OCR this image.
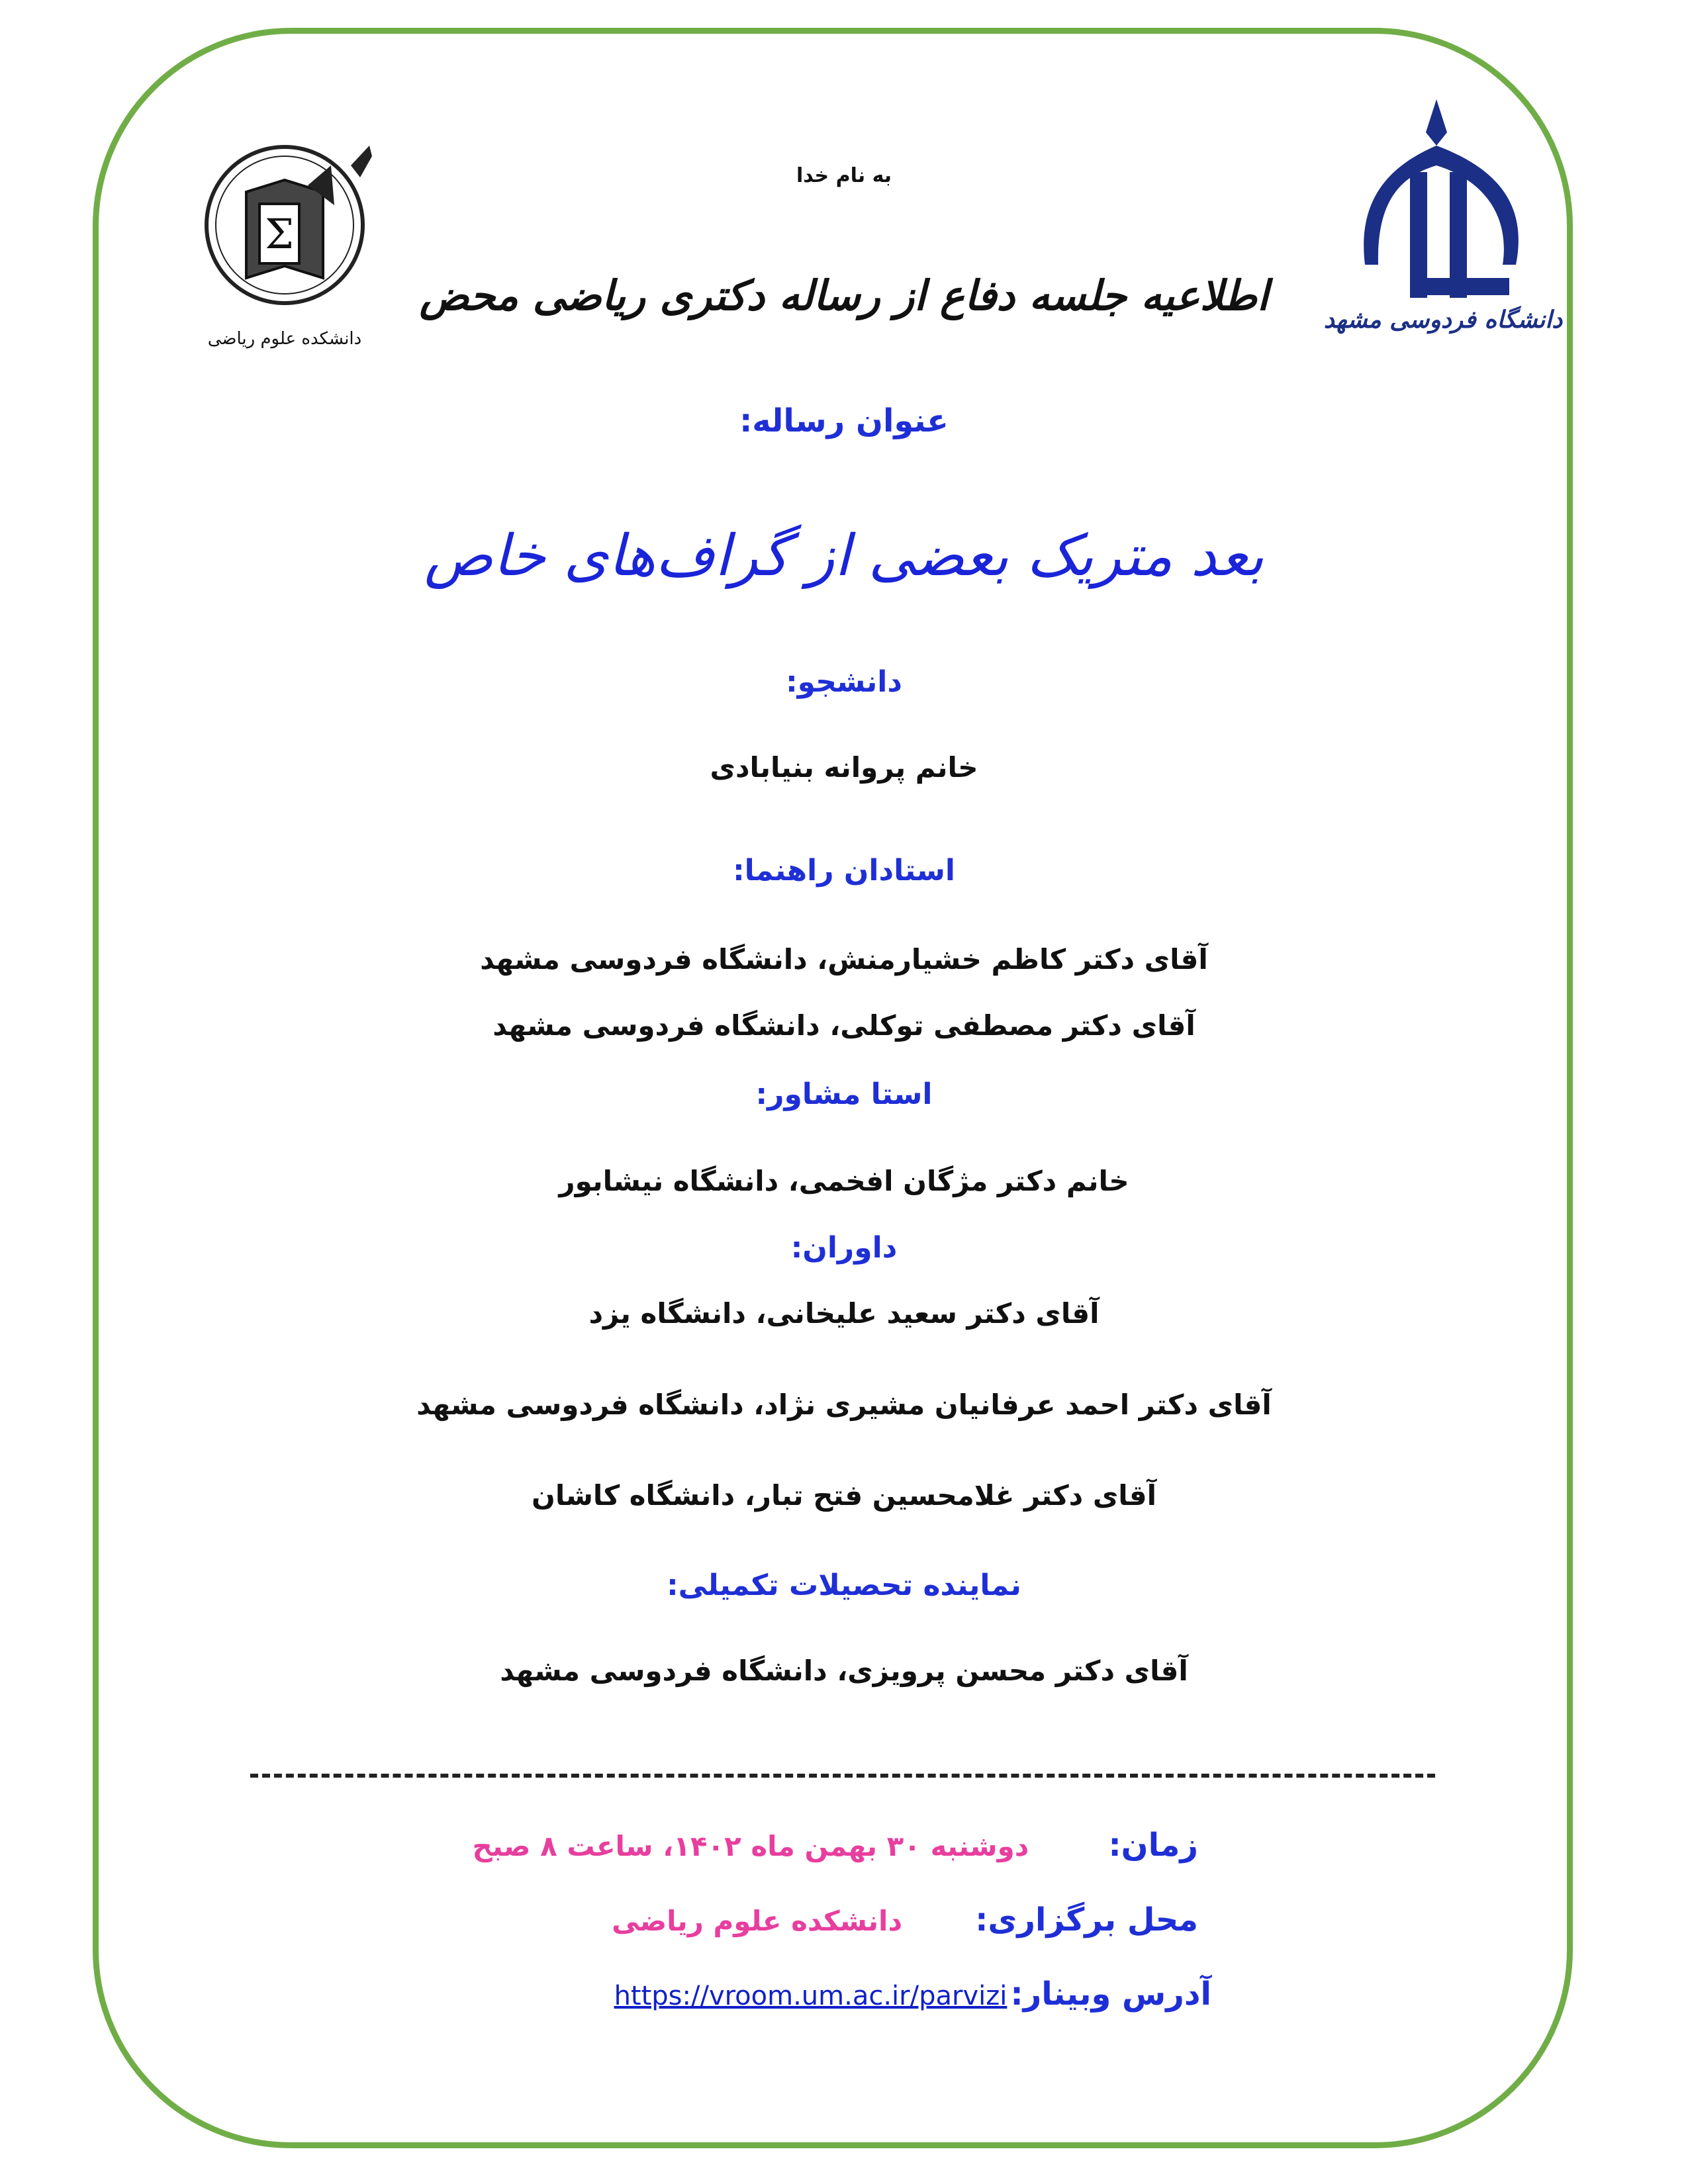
Σ
دانشکده علوم ریاضی
دانشگاه فردوسی مشهد
به نام خدا
اطلاعیه جلسه دفاع از رساله دکتری ریاضی محض
عنوان رساله:
بعد متریک بعضی از گراف‌های خاص
دانشجو:
خانم پروانه بنیابادی
استادان راهنما:
آقای دکتر کاظم خشیارمنش، دانشگاه فردوسی مشهد
آقای دکتر مصطفی توکلی، دانشگاه فردوسی مشهد
استا مشاور:
خانم دکتر مژگان افخمی، دانشگاه نیشابور
داوران:
آقای دکتر سعید علیخانی، دانشگاه یزد
آقای دکتر احمد عرفانیان مشیری نژاد، دانشگاه فردوسی مشهد
آقای دکتر غلامحسین فتح تبار، دانشگاه کاشان
نماینده تحصیلات تکمیلی:
آقای دکتر محسن پرویزی، دانشگاه فردوسی مشهد
زمان:  دوشنبه ۳۰ بهمن ماه ۱۴۰۲، ساعت ۸ صبح
محل برگزاری:  دانشکده علوم ریاضی
آدرس وبینار: https://vroom.um.ac.ir/parvizi
